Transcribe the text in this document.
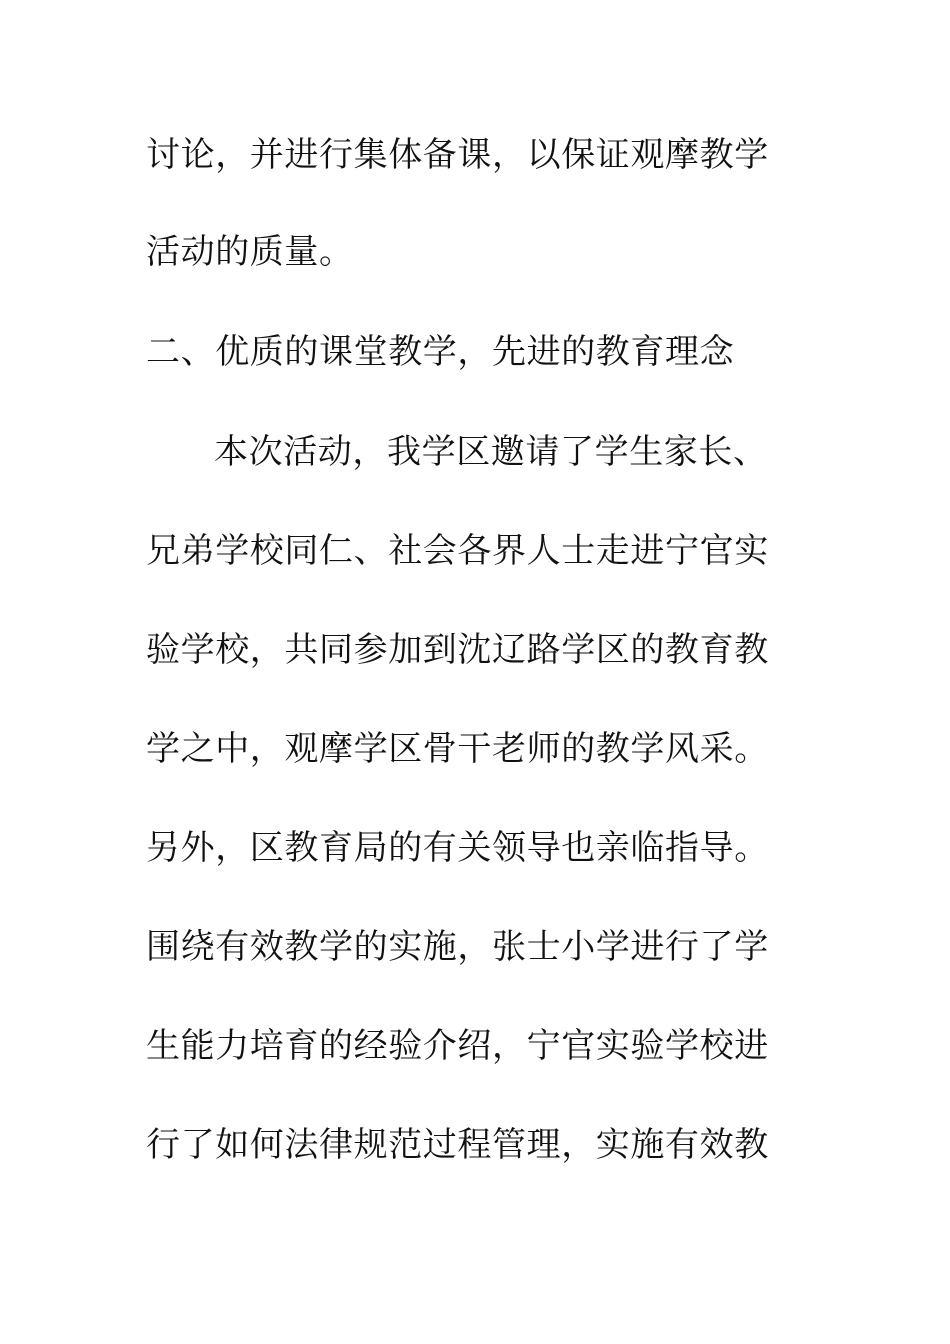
讨论，并进行集体备课，以保证观摩教学
活动的质量。
二、优质的课堂教学，先进的教育理念
本次活动，我学区邀请了学生家长、
兄弟学校同仁、社会各界人士走进宁官实
验学校，共同参加到沈辽路学区的教育教
学之中，观摩学区骨干老师的教学风采。
另外，区教育局的有关领导也亲临指导。
围绕有效教学的实施，张士小学进行了学
生能力培育的经验介绍，宁官实验学校进
行了如何法律规范过程管理，实施有效教
